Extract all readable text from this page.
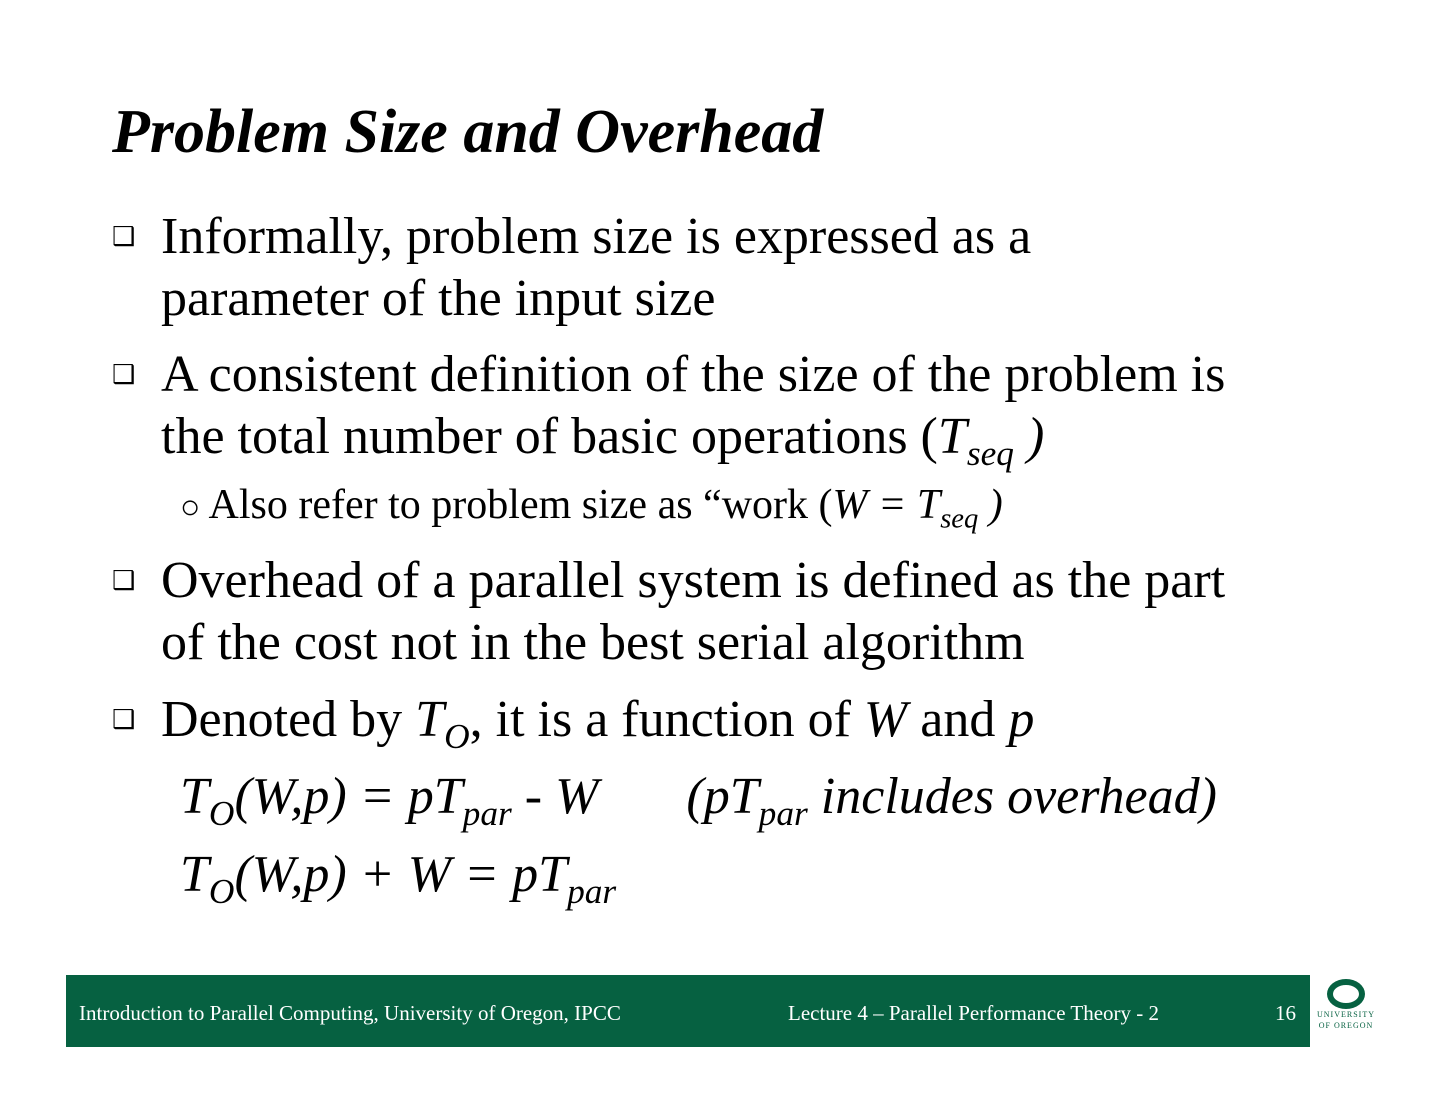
Problem Size and Overhead
❑ Informally, problem size is expressed as a
parameter of the input size
❑ A consistent definition of the size of the problem is
the total number of basic operations ($T_{seq}$ )
○ Also refer to problem size as “work ($W = T_{seq}$ )
❑ Overhead of a parallel system is defined as the part
of the cost not in the best serial algorithm
❑ Denoted by $T_O$, it is a function of W and p
$T_O(W,p) = pT_{par} - W$ ($pT_{par}$ includes overhead)
$T_O(W,p) + W = pT_{par}$
Introduction to Parallel Computing, University of Oregon, IPCC	Lecture 4 – Parallel Performance Theory - 2	16	UNIVERSITY
OF OREGON
